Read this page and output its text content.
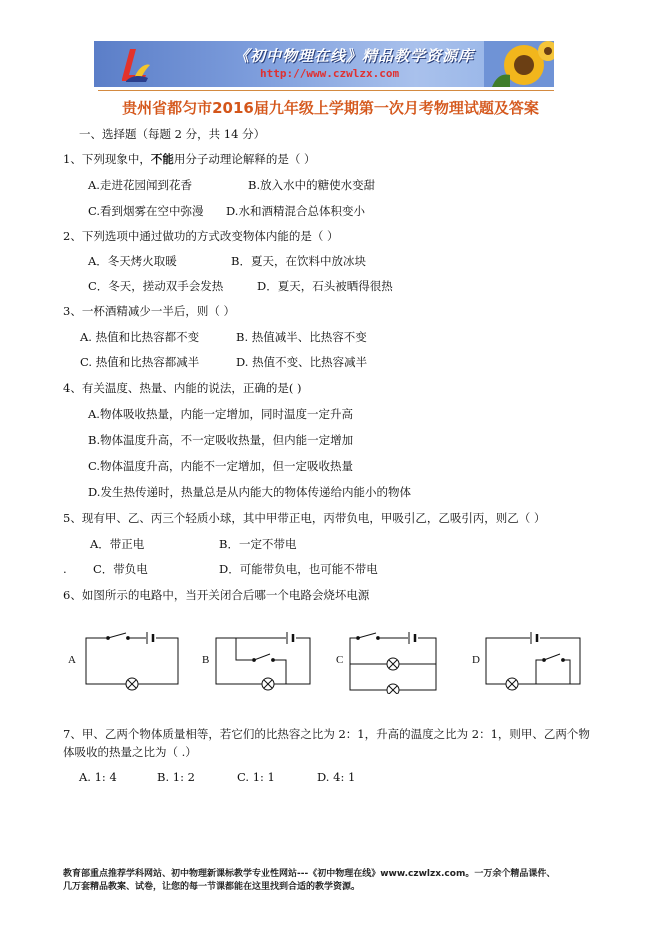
《初中物理在线》精品教学资源库
http://www.czwlzx.com
贵州省都匀市2016届九年级上学期第一次月考物理试题及答案
一、选择题（每题 2 分，共 14 分）
1、下列现象中，不能用分子动理论解释的是（ ）
A.走进花园闻到花香	B.放入水中的糖使水变甜
C.看到烟雾在空中弥漫 D.水和酒精混合总体积变小
2、下列选项中通过做功的方式改变物体内能的是（ ）
A．冬天烤火取暖	B．夏天，在饮料中放冰块
C．冬天，搓动双手会发热	D．夏天，石头被晒得很热
3、一杯酒精减少一半后，则（ ）
A. 热值和比热容都不变	B. 热值减半、比热容不变
C. 热值和比热容都减半	D. 热值不变、比热容减半
4、有关温度、热量、内能的说法，正确的是( )
A.物体吸收热量，内能一定增加，同时温度一定升高
B.物体温度升高，不一定吸收热量，但内能一定增加
C.物体温度升高，内能不一定增加，但一定吸收热量
D.发生热传递时，热量总是从内能大的物体传递给内能小的物体
5、现有甲、乙、丙三个轻质小球，其中甲带正电，丙带负电，甲吸引乙，乙吸引丙，则乙（ ）
A．带正电	B．一定不带电
. C．带负电	D．可能带负电，也可能不带电
6、如图所示的电路中，当开关闭合后哪一个电路会烧坏电源
A	B	C	D
7、甲、乙两个物体质量相等，若它们的比热容之比为 2：1，升高的温度之比为 2：1，则甲、乙两个物
体吸收的热量之比为（ .）
A. 1: 4	B. 1: 2	C. 1: 1	D. 4: 1
教育部重点推荐学科网站、初中物理新课标教学专业性网站---《初中物理在线》www.czwlzx.com。一万余个精品课件、
几万套精品教案、试卷，让您的每一节课都能在这里找到合适的教学资源。
